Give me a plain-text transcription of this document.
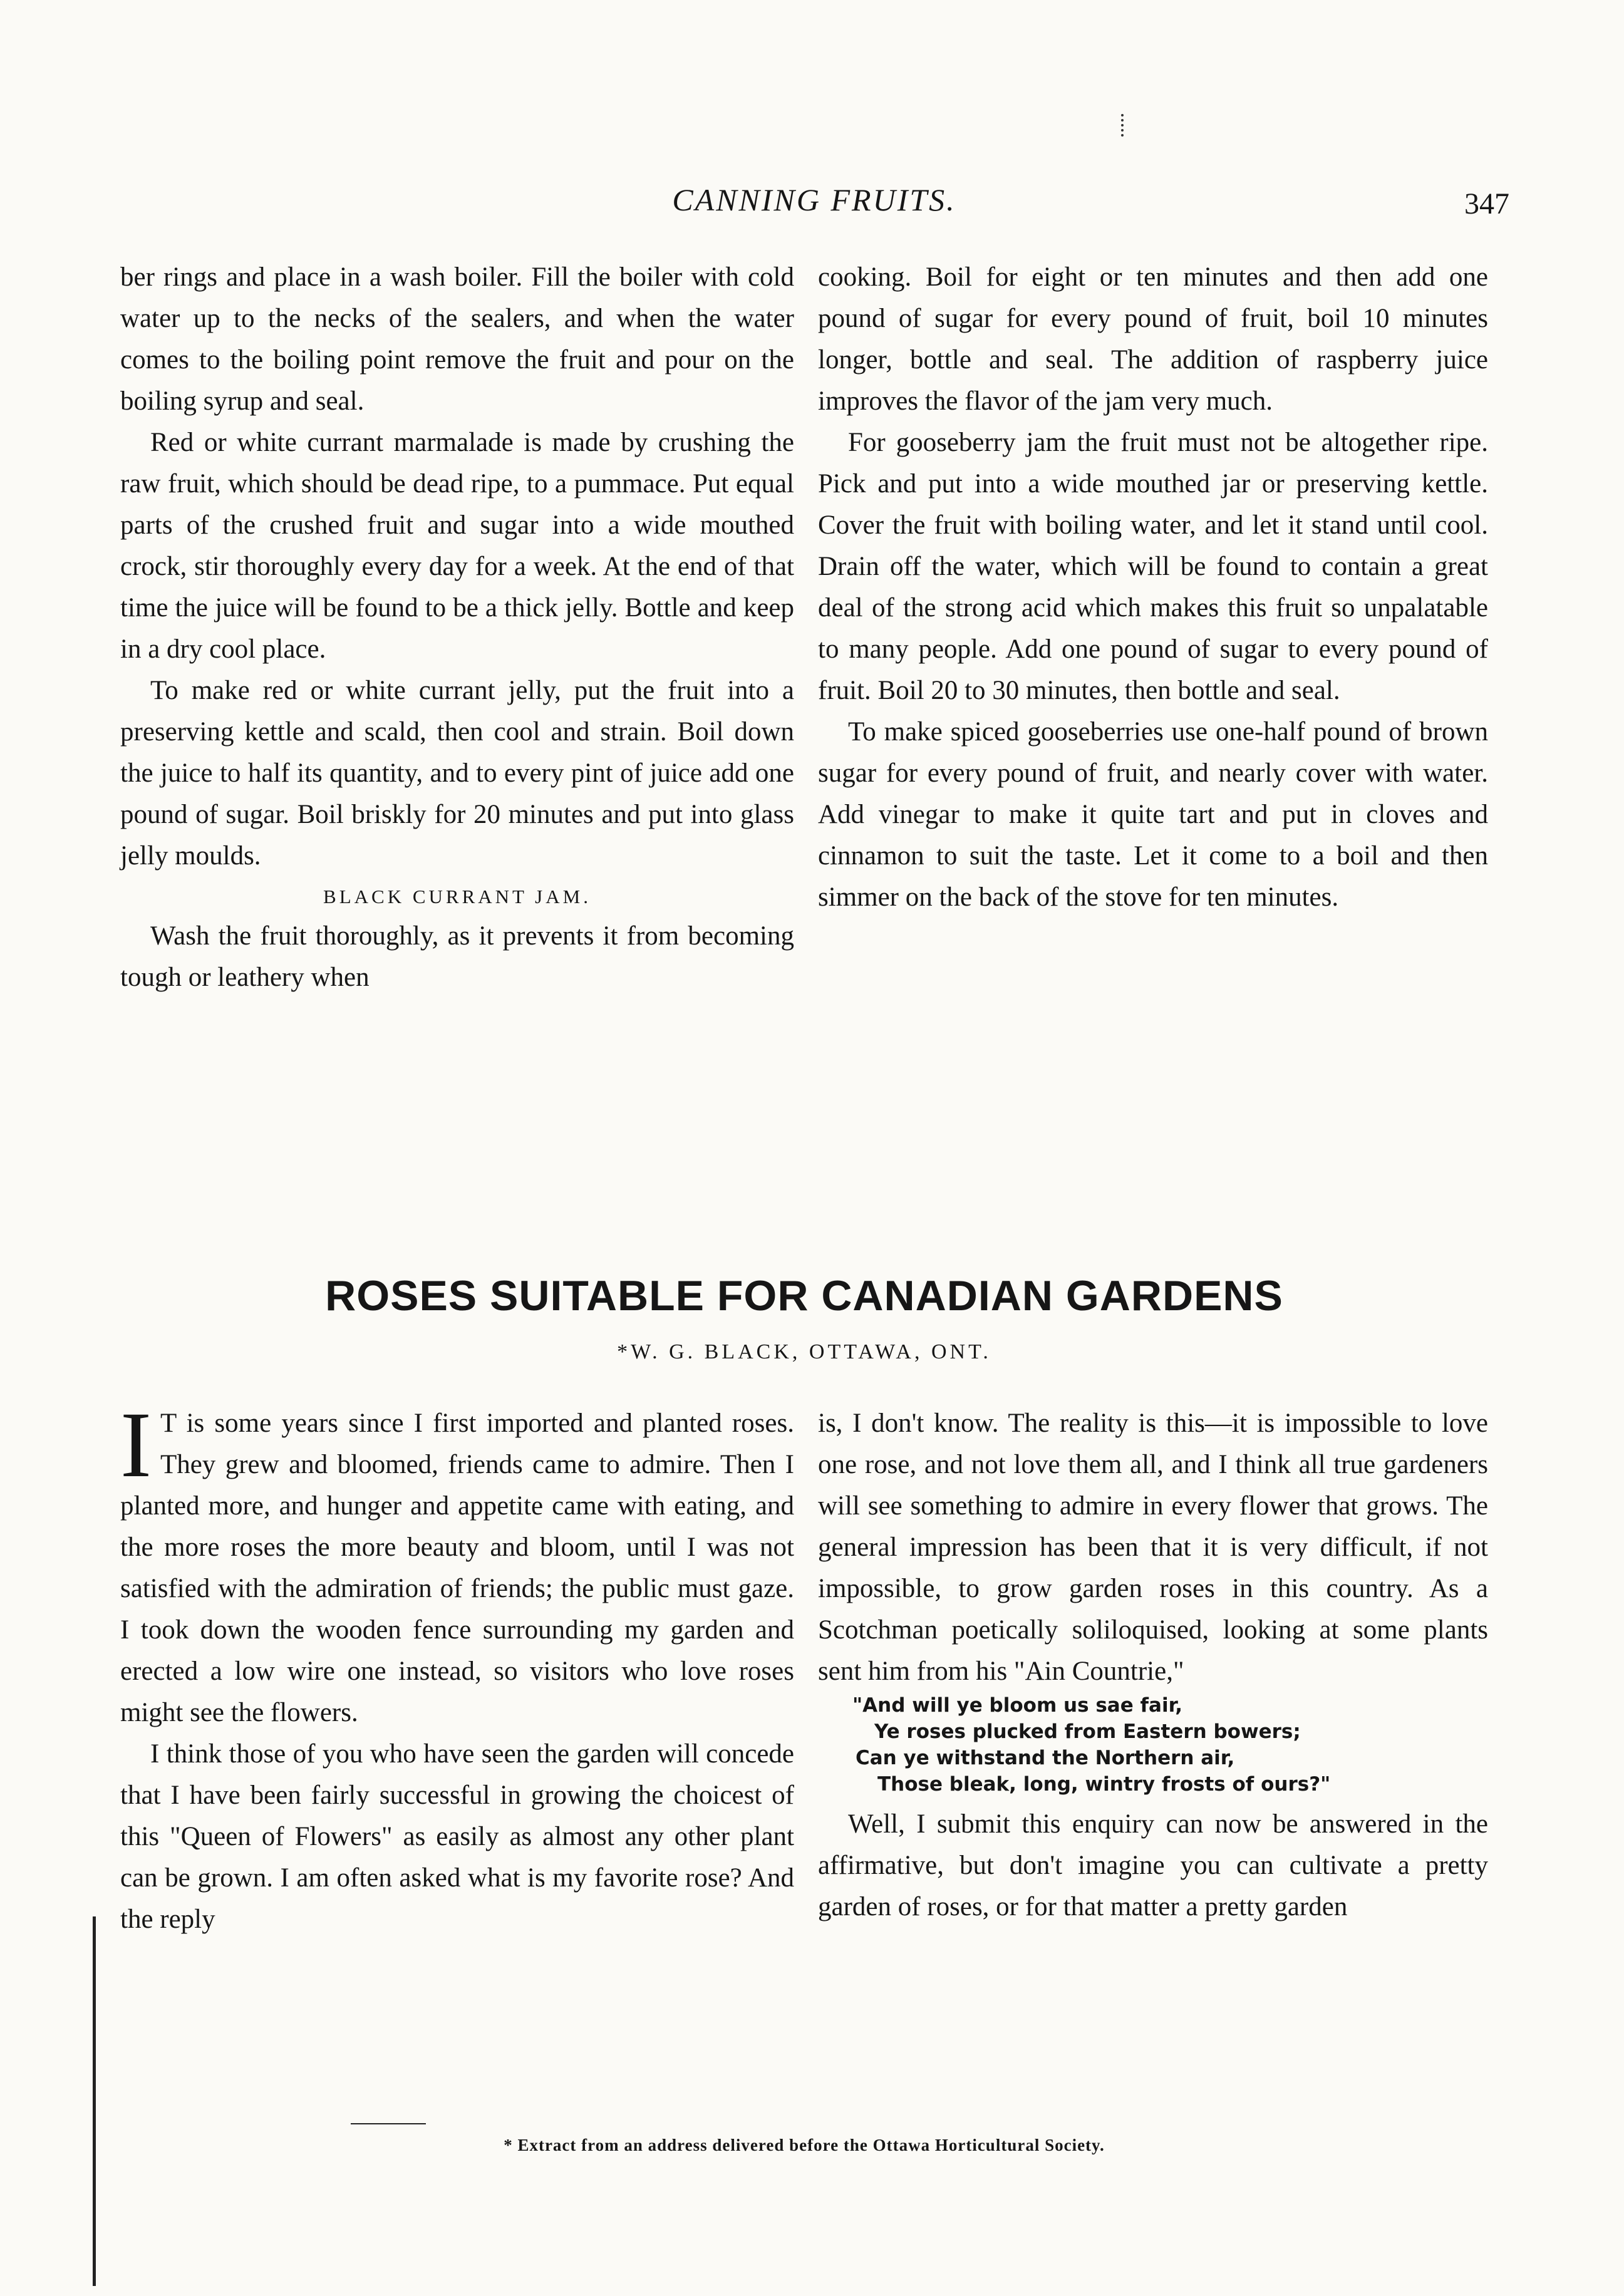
CANNING FRUITS.	347

ber rings and place in a wash boiler. Fill the boiler with cold water up to the necks of the sealers, and when the water comes to the boiling point remove the fruit and pour on the boiling syrup and seal.

Red or white currant marmalade is made by crushing the raw fruit, which should be dead ripe, to a pummace. Put equal parts of the crushed fruit and sugar into a wide mouthed crock, stir thoroughly every day for a week. At the end of that time the juice will be found to be a thick jelly. Bottle and keep in a dry cool place.

To make red or white currant jelly, put the fruit into a preserving kettle and scald, then cool and strain. Boil down the juice to half its quantity, and to every pint of juice add one pound of sugar. Boil briskly for 20 minutes and put into glass jelly moulds.

BLACK CURRANT JAM.

Wash the fruit thoroughly, as it prevents it from becoming tough or leathery when

cooking. Boil for eight or ten minutes and then add one pound of sugar for every pound of fruit, boil 10 minutes longer, bottle and seal. The addition of raspberry juice improves the flavor of the jam very much.

For gooseberry jam the fruit must not be altogether ripe. Pick and put into a wide mouthed jar or preserving kettle. Cover the fruit with boiling water, and let it stand until cool. Drain off the water, which will be found to contain a great deal of the strong acid which makes this fruit so unpalatable to many people. Add one pound of sugar to every pound of fruit. Boil 20 to 30 minutes, then bottle and seal.

To make spiced gooseberries use one-half pound of brown sugar for every pound of fruit, and nearly cover with water. Add vinegar to make it quite tart and put in cloves and cinnamon to suit the taste. Let it come to a boil and then simmer on the back of the stove for ten minutes.

ROSES SUITABLE FOR CANADIAN GARDENS
*W. G. BLACK, OTTAWA, ONT.

I T is some years since I first imported and planted roses. They grew and bloomed, friends came to admire. Then I planted more, and hunger and appetite came with eating, and the more roses the more beauty and bloom, until I was not satisfied with the admiration of friends; the public must gaze. I took down the wooden fence surrounding my garden and erected a low wire one instead, so visitors who love roses might see the flowers.

I think those of you who have seen the garden will concede that I have been fairly successful in growing the choicest of this "Queen of Flowers" as easily as almost any other plant can be grown. I am often asked what is my favorite rose? And the reply

is, I don't know. The reality is this—it is impossible to love one rose, and not love them all, and I think all true gardeners will see something to admire in every flower that grows. The general impression has been that it is very difficult, if not impossible, to grow garden roses in this country. As a Scotchman poetically soliloquised, looking at some plants sent him from his "Ain Countrie,"

"And will ye bloom us sae fair,
Ye roses plucked from Eastern bowers;
Can ye withstand the Northern air,
Those bleak, long, wintry frosts of ours?"

Well, I submit this enquiry can now be answered in the affirmative, but don't imagine you can cultivate a pretty garden of roses, or for that matter a pretty garden

* Extract from an address delivered before the Ottawa Horticultural Society.
